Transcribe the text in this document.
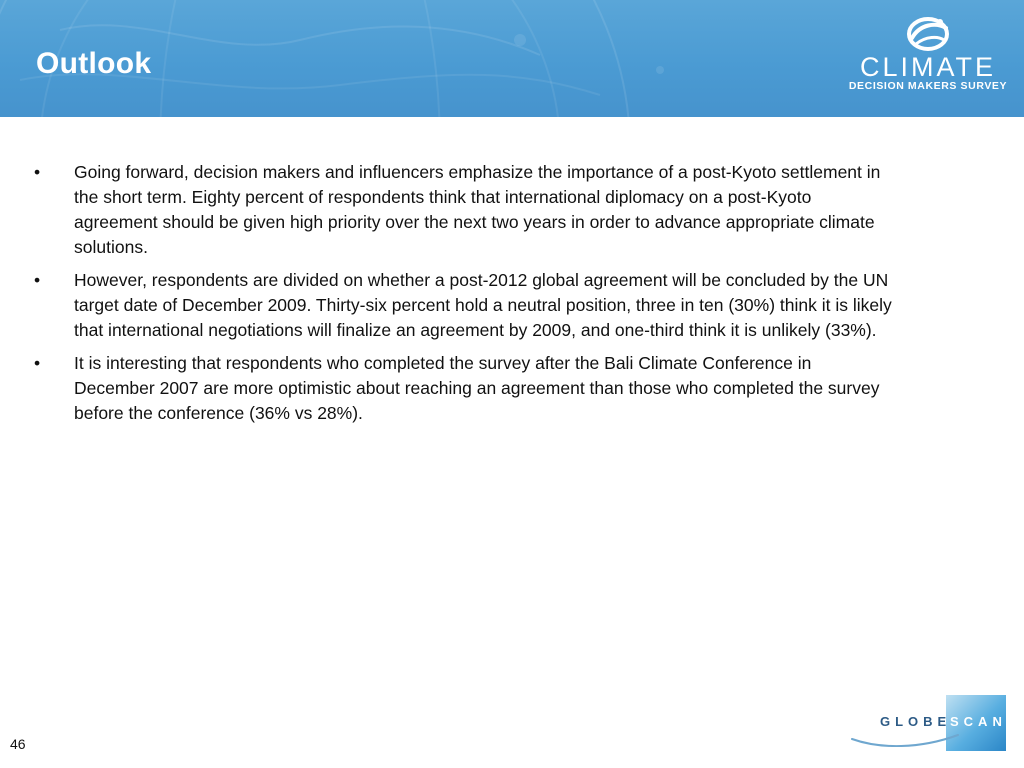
Outlook	CLIMATE
DECISION MAKERS SURVEY
•	Going forward, decision makers and influencers emphasize the importance of a post-Kyoto settlement in the short term. Eighty percent of respondents think that international diplomacy on a post-Kyoto agreement should be given high priority over the next two years in order to advance appropriate climate solutions.
•	However, respondents are divided on whether a post-2012 global agreement will be concluded by the UN target date of December 2009. Thirty-six percent hold a neutral position, three in ten (30%) think it is likely that international negotiations will finalize an agreement by 2009, and one-third think it is unlikely (33%).
•	It is interesting that respondents who completed the survey after the Bali Climate Conference in December 2007 are more optimistic about reaching an agreement than those who completed the survey before the conference (36% vs 28%).
46
GLOBE
SCAN
